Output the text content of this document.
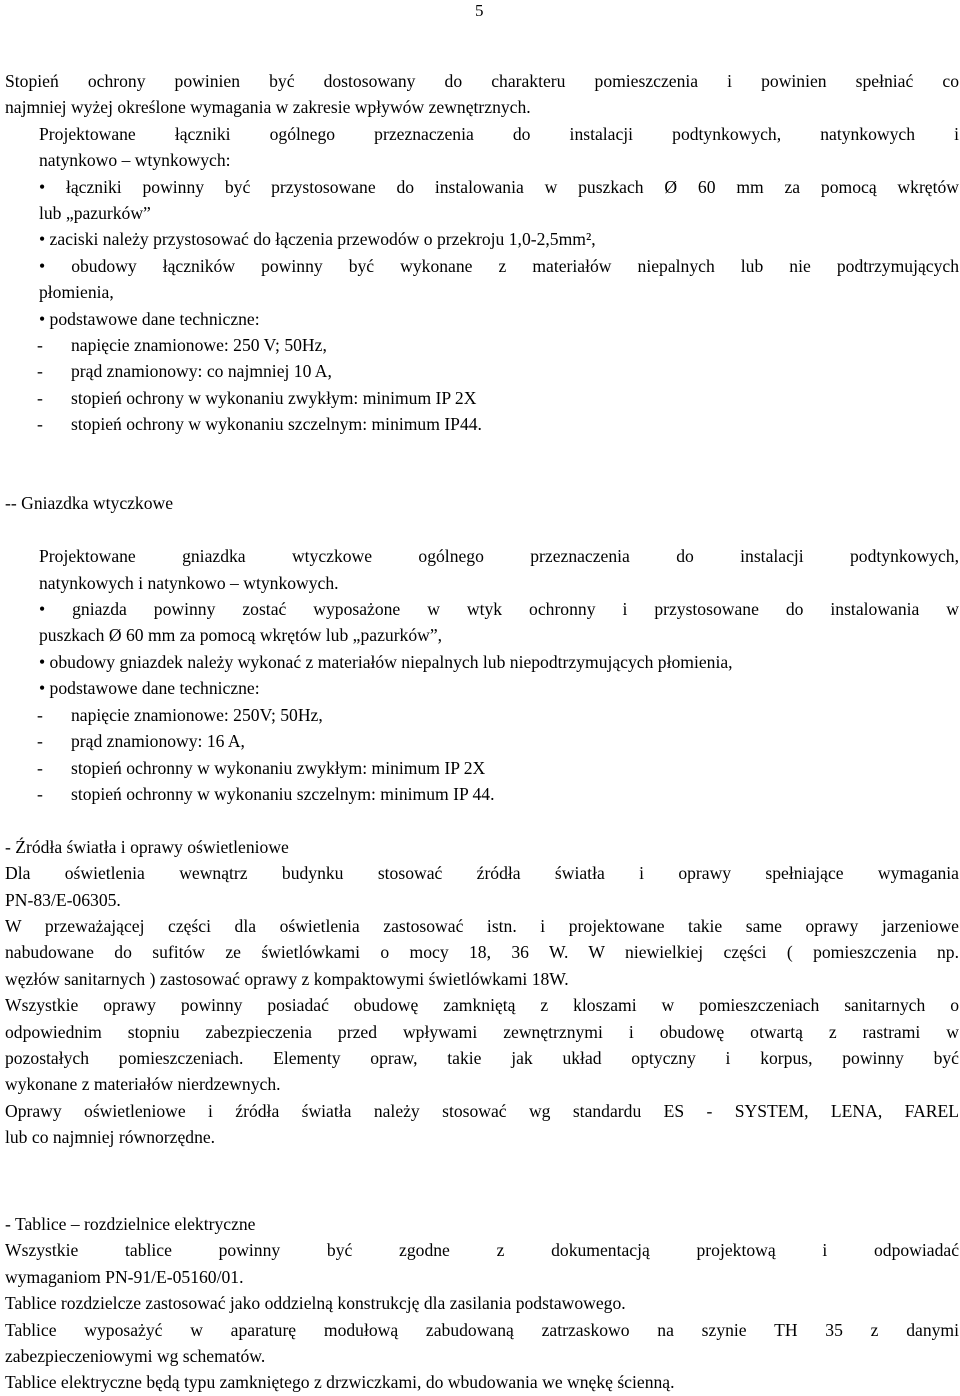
5

Stopień ochrony powinien być dostosowany do charakteru pomieszczenia i powinien spełniać co

najmniej wyżej określone wymagania w zakresie wpływów zewnętrznych.

Projektowane łączniki ogólnego przeznaczenia do instalacji podtynkowych, natynkowych i

natynkowo – wtynkowych:

• łączniki powinny być przystosowane do instalowania w puszkach Ø 60 mm za pomocą wkrętów

lub „pazurków”

• zaciski należy przystosować do łączenia przewodów o przekroju 1,0-2,5mm²,

• obudowy łączników powinny być wykonane z materiałów niepalnych lub nie podtrzymujących

płomienia,

• podstawowe dane techniczne:

-	napięcie znamionowe: 250 V; 50Hz,
-	prąd znamionowy: co najmniej 10 A,
-	stopień ochrony w wykonaniu zwykłym: minimum IP 2X
-	stopień ochrony w wykonaniu szczelnym: minimum IP44.

-- Gniazdka wtyczkowe

Projektowane gniazdka wtyczkowe ogólnego przeznaczenia do instalacji podtynkowych,

natynkowych i natynkowo – wtynkowych.

• gniazda powinny zostać wyposażone w wtyk ochronny i przystosowane do instalowania w

puszkach Ø 60 mm za pomocą wkrętów lub „pazurków”,

• obudowy gniazdek należy wykonać z materiałów niepalnych lub niepodtrzymujących płomienia,

• podstawowe dane techniczne:

-	napięcie znamionowe: 250V; 50Hz,
-	prąd znamionowy: 16 A,
-	stopień ochronny w wykonaniu zwykłym: minimum IP 2X
-	stopień ochronny w wykonaniu szczelnym: minimum IP 44.

- Źródła światła i oprawy oświetleniowe

Dla oświetlenia wewnątrz budynku stosować źródła światła i oprawy spełniające wymagania

PN-83/E-06305.

W przeważającej części dla oświetlenia zastosować istn. i projektowane takie same oprawy jarzeniowe

nabudowane do sufitów ze świetlówkami o mocy 18, 36 W. W niewielkiej części ( pomieszczenia np.

węzłów sanitarnych ) zastosować oprawy z kompaktowymi świetlówkami 18W.

Wszystkie oprawy powinny posiadać obudowę zamkniętą z kloszami w pomieszczeniach sanitarnych o

odpowiednim stopniu zabezpieczenia przed wpływami zewnętrznymi i obudowę otwartą z rastrami w

pozostałych pomieszczeniach. Elementy opraw, takie jak układ optyczny i korpus, powinny być

wykonane z materiałów nierdzewnych.

Oprawy oświetleniowe i źródła światła należy stosować wg standardu ES - SYSTEM, LENA, FAREL

lub co najmniej równorzędne.

- Tablice – rozdzielnice elektryczne

Wszystkie tablice powinny być zgodne z dokumentacją projektową i odpowiadać

wymaganiom PN-91/E-05160/01.

Tablice rozdzielcze zastosować jako oddzielną konstrukcję dla zasilania podstawowego.

Tablice wyposażyć w aparaturę modułową zabudowaną zatrzaskowo na szynie TH 35 z danymi

zabezpieczeniowymi wg schematów.

Tablice elektryczne będą typu zamkniętego z drzwiczkami, do wbudowania we wnękę ścienną.
